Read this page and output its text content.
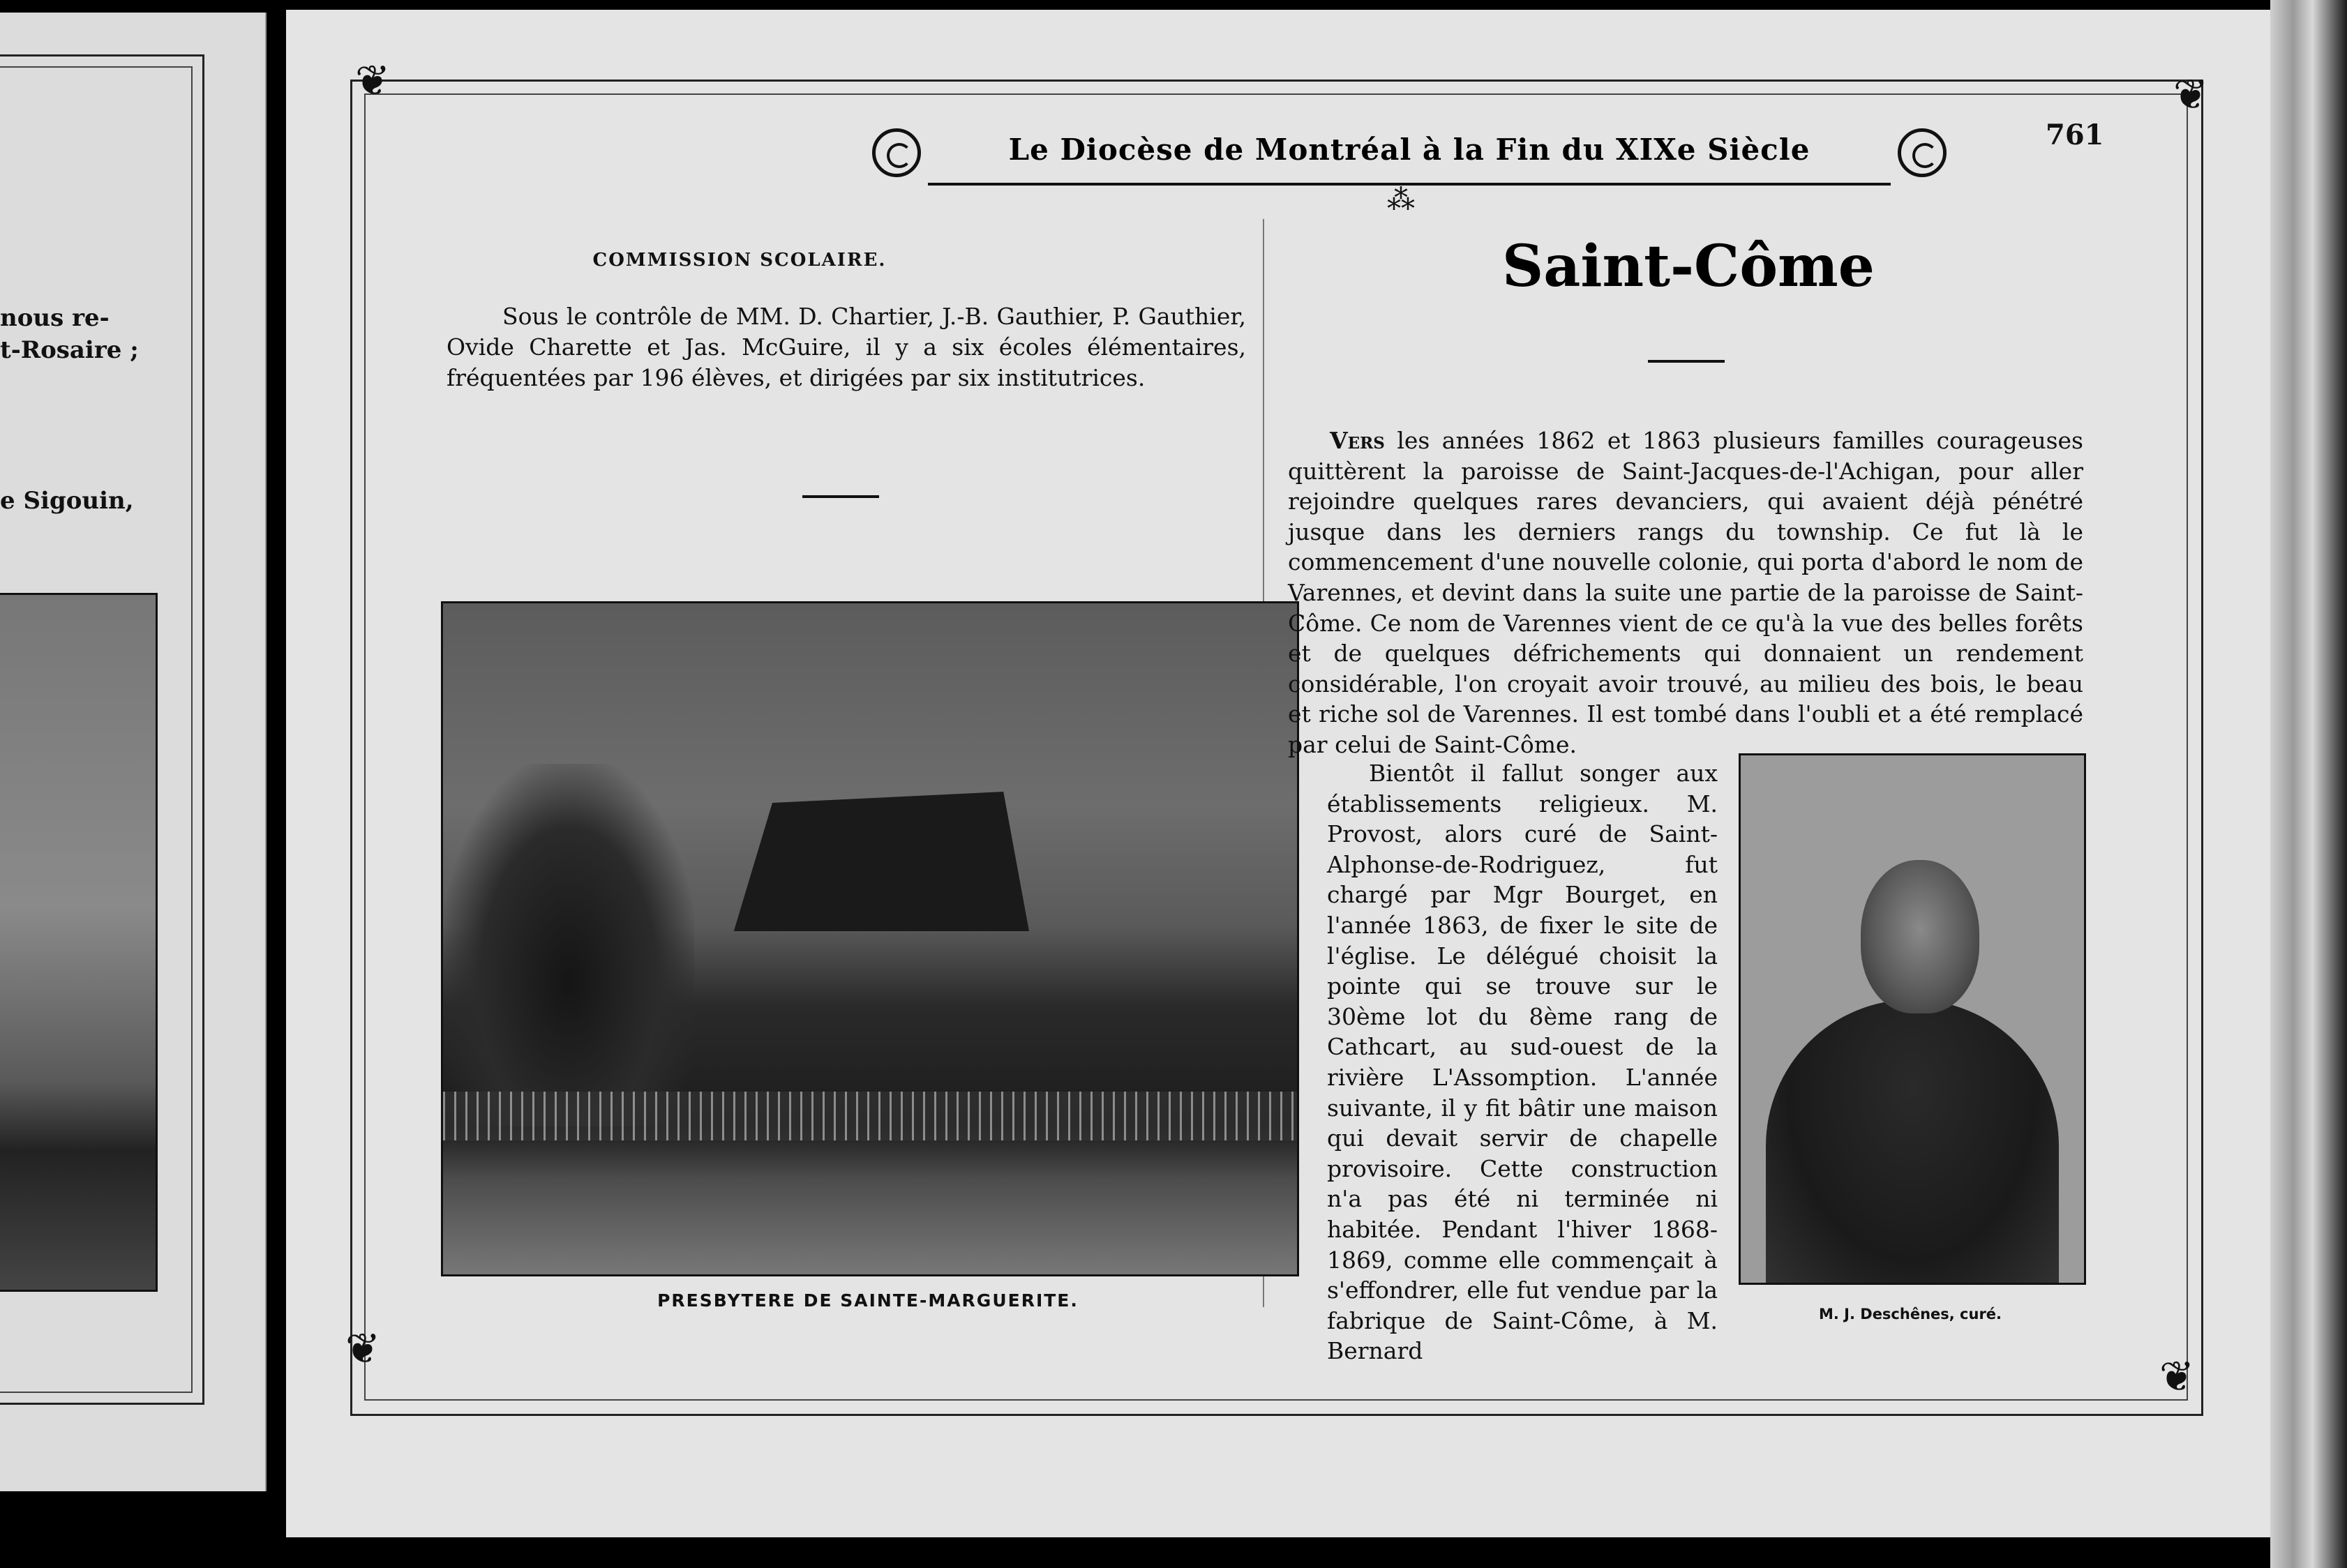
nous re-
t-Rosaire ;
e Sigouin,
❦	❦
❦
❦
Le Diocèse de Montréal à la Fin du XIXe Siècle
⁂
761
COMMISSION SCOLAIRE.
Sous le contrôle de MM. D. Chartier, J.-B. Gauthier, P. Gauthier, Ovide Charette et Jas. McGuire, il y a six écoles élémentaires, fréquentées par 196 élèves, et dirigées par six institutrices.
PRESBYTERE DE SAINTE-MARGUERITE.
Saint-Côme

Vers les années 1862 et 1863 plusieurs familles courageuses quittèrent la paroisse de Saint-Jacques-de-l'Achigan, pour aller rejoindre quelques rares devanciers, qui avaient déjà pénétré jusque dans les derniers rangs du township. Ce fut là le commencement d'une nouvelle colonie, qui porta d'abord le nom de Varennes, et devint dans la suite une partie de la paroisse de Saint-Côme. Ce nom de Varennes vient de ce qu'à la vue des belles forêts et de quelques défrichements qui donnaient un rendement considérable, l'on croyait avoir trouvé, au milieu des bois, le beau et riche sol de Varennes. Il est tombé dans l'oubli et a été remplacé par celui de Saint-Côme.

Bientôt il fallut songer aux établissements religieux. M. Provost, alors curé de Saint-Alphonse-de-Rodriguez, fut chargé par Mgr Bourget, en l'année 1863, de fixer le site de l'église. Le délégué choisit la pointe qui se trouve sur le 30ème lot du 8ème rang de Cathcart, au sud-ouest de la rivière L'Assomption. L'année suivante, il y fit bâtir une maison qui devait servir de chapelle provisoire. Cette construction n'a pas été ni terminée ni habitée. Pendant l'hiver 1868-1869, comme elle commençait à s'effondrer, elle fut vendue par la fabrique de Saint-Côme, à M. Bernard

M. J. Deschênes, curé.
